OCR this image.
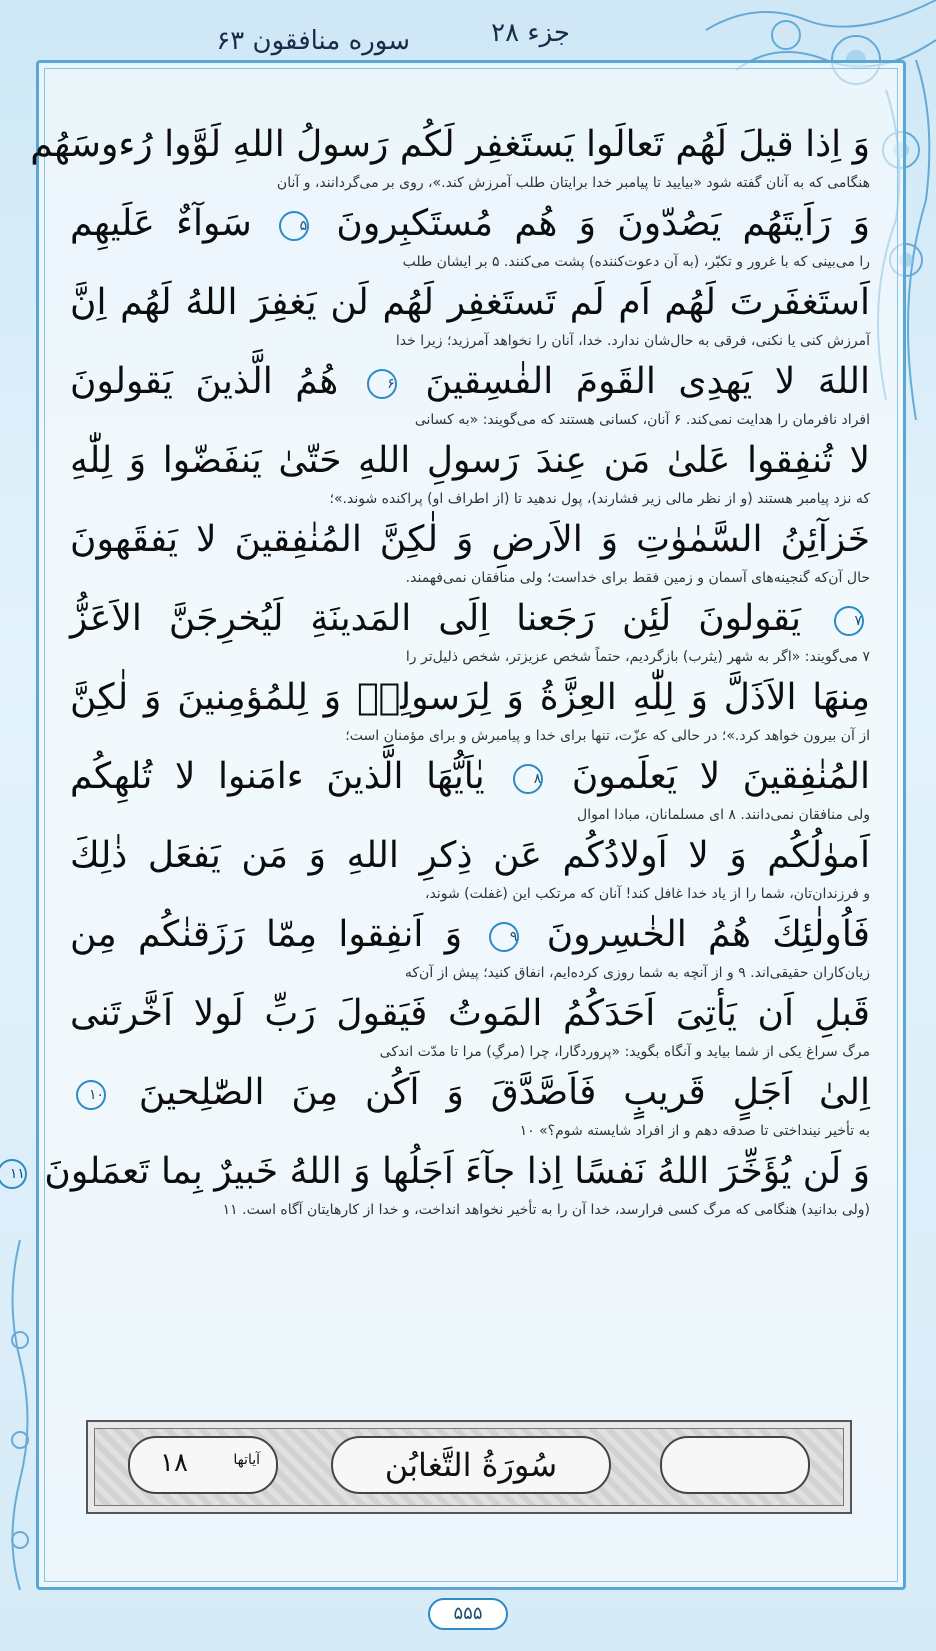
جزء ۲۸
سوره منافقون ۶۳
وَ اِذا قيلَ لَهُم تَعالَوا يَستَغفِر لَكُم رَسولُ اللهِ لَوَّوا رُءوسَهُم
هنگامی که به آنان گفته شود «بیایید تا پیامبر خدا برایتان طلب آمرزش کند.»، روی بر می‌گردانند، و آنان
وَ رَاَيتَهُم يَصُدّونَ وَ هُم مُستَكبِرونَ ۵ سَوآءٌ عَلَيهِم
را می‌بینی که با غرور و تکبّر، (به آن دعوت‌کننده) پشت می‌کنند. ۵ بر ایشان طلب
اَستَغفَرتَ لَهُم اَم لَم تَستَغفِر لَهُم لَن يَغفِرَ اللهُ لَهُم اِنَّ
آمرزش کنی یا نکنی، فرقی به حال‌شان ندارد. خدا، آنان را نخواهد آمرزید؛ زیرا خدا
اللهَ لا يَهدِى القَومَ الفٰسِقينَ ۶ هُمُ الَّذينَ يَقولونَ
افراد نافرمان را هدایت نمی‌کند. ۶ آنان، کسانی هستند که می‌گویند: «به کسانی
لا تُنفِقوا عَلىٰ مَن عِندَ رَسولِ اللهِ حَتّىٰ يَنفَضّوا وَ لِلّٰهِ
که نزد پیامبر هستند (و از نظر مالی زیر فشارند)، پول ندهید تا (از اطراف او) پراکنده شوند.»؛
خَزآئِنُ السَّمٰوٰتِ وَ الاَرضِ وَ لٰكِنَّ المُنٰفِقينَ لا يَفقَهونَ
حال آن‌که گنجینه‌های آسمان و زمین فقط برای خداست؛ ولی منافقان نمی‌فهمند.
۷ يَقولونَ لَئِن رَجَعنا اِلَى المَدينَةِ لَيُخرِجَنَّ الاَعَزُّ
۷ می‌گویند: «اگر به شهر (یثرب) بازگردیم، حتماً شخص عزیزتر، شخص ذلیل‌تر را
مِنهَا الاَذَلَّ وَ لِلّٰهِ العِزَّةُ وَ لِرَسولِهٖ وَ لِلمُؤمِنينَ وَ لٰكِنَّ
از آن بیرون خواهد کرد.»؛ در حالی که عزّت، تنها برای خدا و پیامبرش و برای مؤمنان است؛
المُنٰفِقينَ لا يَعلَمونَ ۸ يٰاَيُّهَا الَّذينَ ءامَنوا لا تُلهِكُم
ولی منافقان نمی‌دانند. ۸ ای مسلمانان، مبادا اموال
اَموٰلُكُم وَ لا اَولادُكُم عَن ذِكرِ اللهِ وَ مَن يَفعَل ذٰلِكَ
و فرزندان‌تان، شما را از یاد خدا غافل کند! آنان که مرتکب این (غفلت) شوند،
فَاُولٰئِكَ هُمُ الخٰسِرونَ ۹ وَ اَنفِقوا مِمّا رَزَقنٰكُم مِن
زیان‌کاران حقیقی‌اند. ۹ و از آنچه به شما روزی کرده‌ایم، انفاق کنید؛ پیش از آن‌که
قَبلِ اَن يَأتِىَ اَحَدَكُمُ المَوتُ فَيَقولَ رَبِّ لَولا اَخَّرتَنى
مرگ سراغ یکی از شما بیاید و آنگاه بگوید: «پروردگارا، چرا (مرگِ) مرا تا مدّت اندکی
اِلىٰ اَجَلٍ قَريبٍ فَاَصَّدَّقَ وَ اَكُن مِنَ الصّٰلِحينَ ۱۰
به تأخیر نینداختی تا صدقه دهم و از افراد شایسته شوم؟» ۱۰
وَ لَن يُؤَخِّرَ اللهُ نَفسًا اِذا جآءَ اَجَلُها وَ اللهُ خَبيرٌ بِما تَعمَلونَ ۱۱
(ولی بدانید) هنگامی که مرگ کسی فرارسد، خدا آن را به تأخیر نخواهد انداخت، و خدا از کارهایتان آگاه است. ۱۱
آیاتها
۱۸	سُورَةُ التَّغابُن
۵۵۵
